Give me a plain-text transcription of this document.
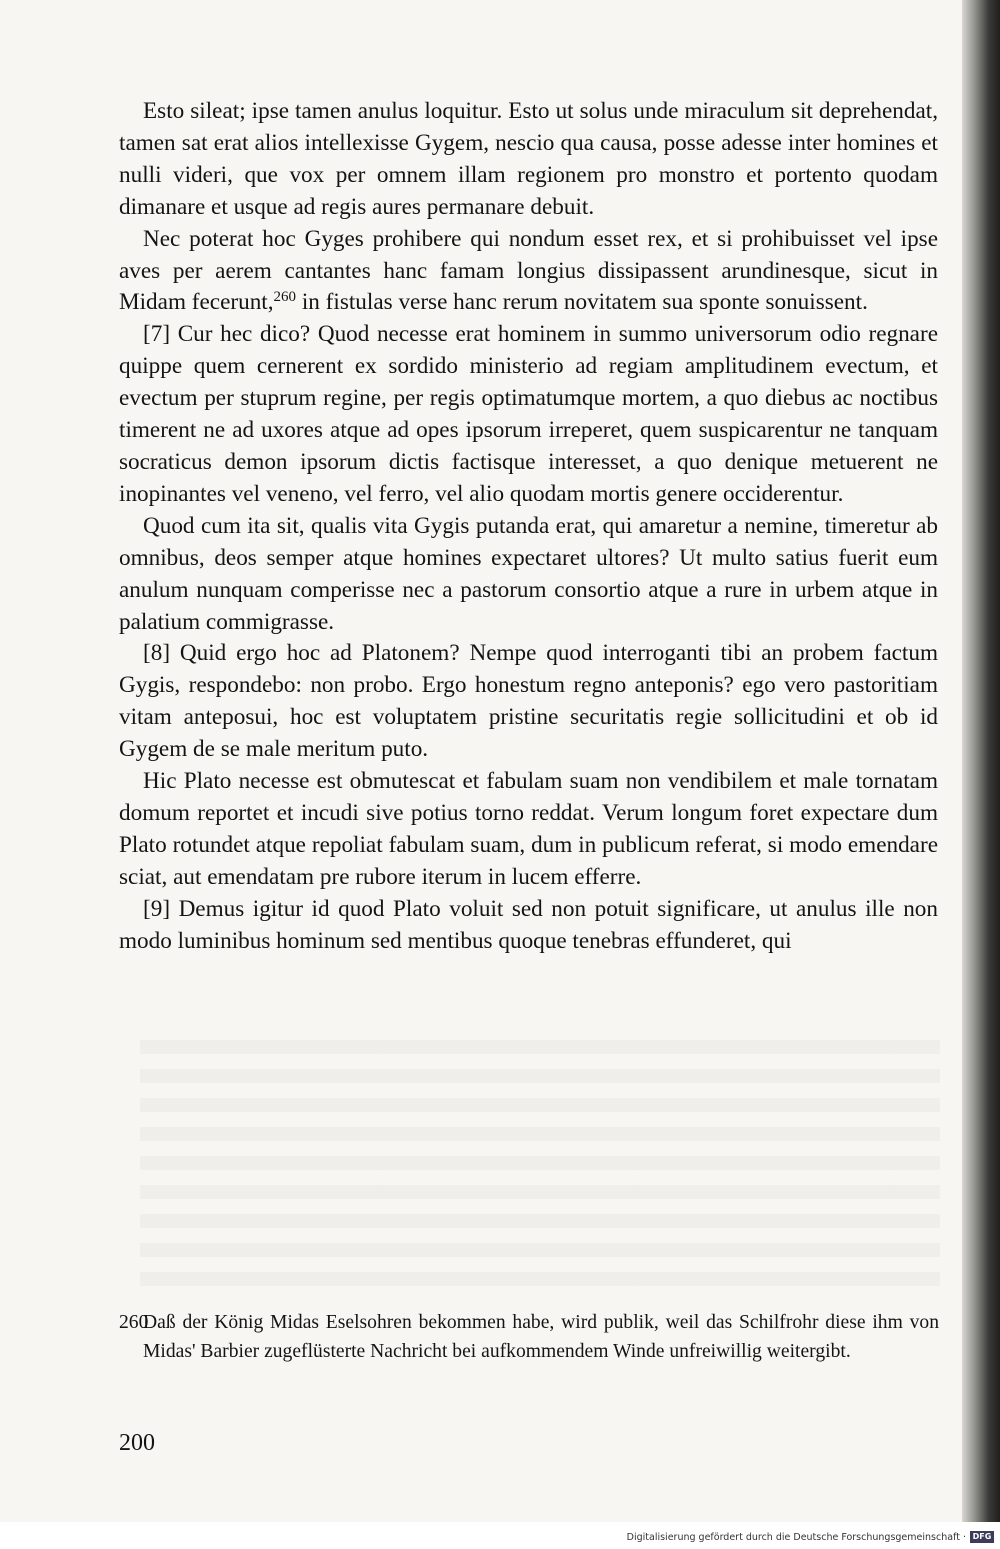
Esto sileat; ipse tamen anulus loquitur. Esto ut solus unde miraculum sit deprehendat, tamen sat erat alios intellexisse Gygem, nescio qua causa, posse adesse inter homines et nulli videri, que vox per omnem illam regionem pro monstro et portento quodam dimanare et usque ad regis aures permanare debuit.

Nec poterat hoc Gyges prohibere qui nondum esset rex, et si prohibuisset vel ipse aves per aerem cantantes hanc famam longius dissipassent arundinesque, sicut in Midam fecerunt,$^{260}$ in fistulas verse hanc rerum novitatem sua sponte sonuissent.

[7] Cur hec dico? Quod necesse erat hominem in summo universorum odio regnare quippe quem cernerent ex sordido ministerio ad regiam amplitudinem evectum, et evectum per stuprum regine, per regis optimatumque mortem, a quo diebus ac noctibus timerent ne ad uxores atque ad opes ipsorum irreperet, quem suspicarentur ne tanquam socraticus demon ipsorum dictis factisque interesset, a quo denique metuerent ne inopinantes vel veneno, vel ferro, vel alio quodam mortis genere occiderentur.

Quod cum ita sit, qualis vita Gygis putanda erat, qui amaretur a nemine, timeretur ab omnibus, deos semper atque homines expectaret ultores? Ut multo satius fuerit eum anulum nunquam comperisse nec a pastorum consortio atque a rure in urbem atque in palatium commigrasse.

[8] Quid ergo hoc ad Platonem? Nempe quod interroganti tibi an probem factum Gygis, respondebo: non probo. Ergo honestum regno anteponis? ego vero pastoritiam vitam anteposui, hoc est voluptatem pristine securitatis regie sollicitudini et ob id Gygem de se male meritum puto.

Hic Plato necesse est obmutescat et fabulam suam non vendibilem et male tornatam domum reportet et incudi sive potius torno reddat. Verum longum foret expectare dum Plato rotundet atque repoliat fabulam suam, dum in publicum referat, si modo emendare sciat, aut emendatam pre rubore iterum in lucem efferre.

[9] Demus igitur id quod Plato voluit sed non potuit significare, ut anulus ille non modo luminibus hominum sed mentibus quoque tenebras effunderet, qui

260
Daß der König Midas Eselsohren bekommen habe, wird publik, weil das Schilfrohr diese ihm von Midas' Barbier zugeflüsterte Nachricht bei aufkommendem Winde unfreiwillig weitergibt.
200
Digitalisierung gefördert durch die Deutsche Forschungsgemeinschaft · DFG
